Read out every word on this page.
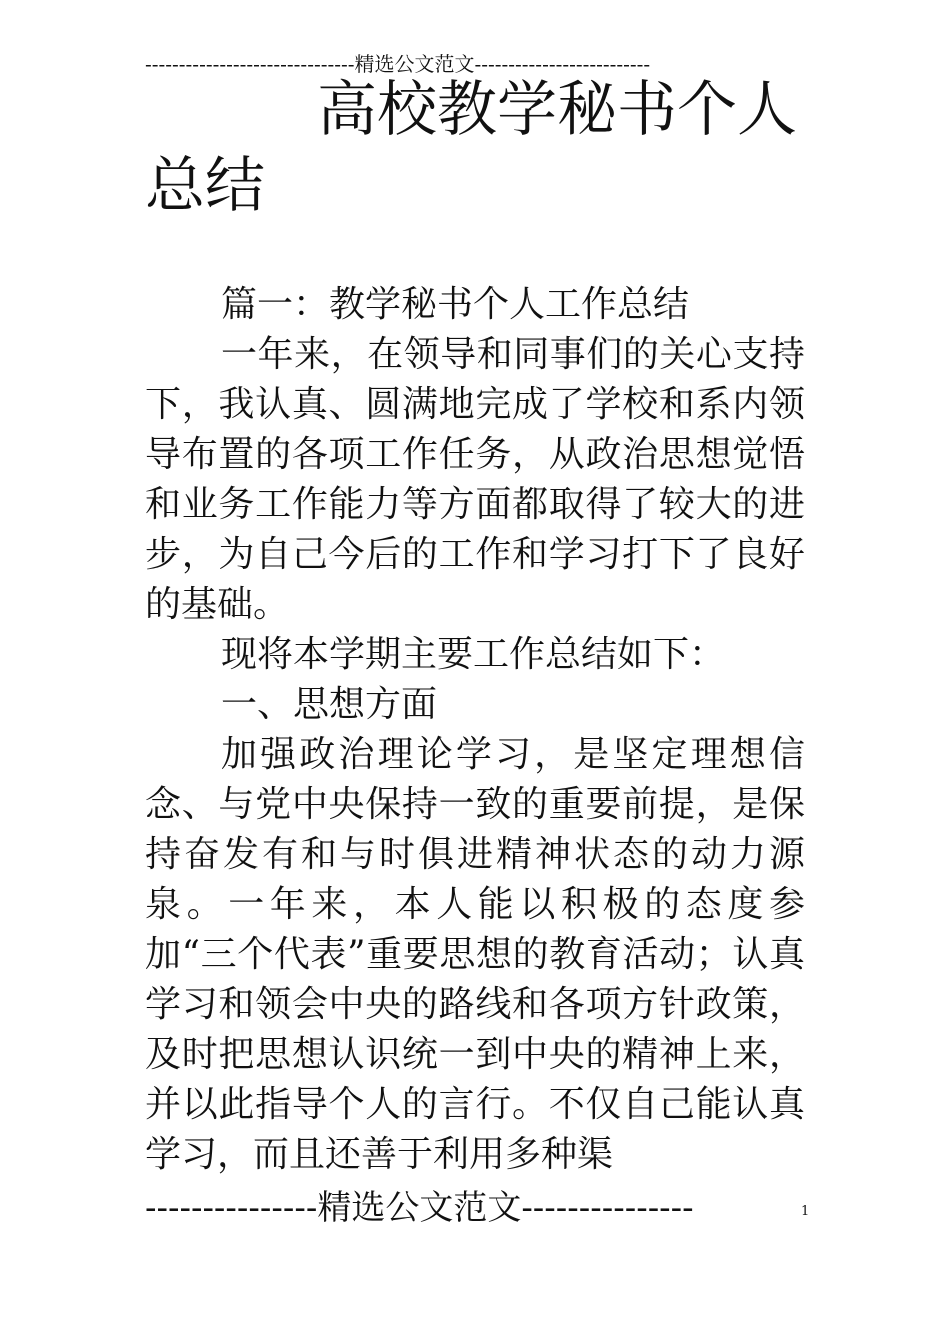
-------------------------------精选公文范文--------------------------
高校教学秘书个人
总结

篇一：教学秘书个人工作总结

一年来，在领导和同事们的关心支持下，我认真、圆满地完成了学校和系内领导布置的各项工作任务，从政治思想觉悟和业务工作能力等方面都取得了较大的进步，为自己今后的工作和学习打下了良好的基础。

现将本学期主要工作总结如下：

一、思想方面

加强政治理论学习，是坚定理想信念、与党中央保持一致的重要前提，是保持奋发有和与时俱进精神状态的动力源泉。一年来，本人能以积极的态度参加“三个代表”重要思想的教育活动；认真学习和领会中央的路线和各项方针政策，及时把思想认识统一到中央的精神上来，并以此指导个人的言行。不仅自己能认真学习，而且还善于利用多种渠

---------------精选公文范文---------------	1
